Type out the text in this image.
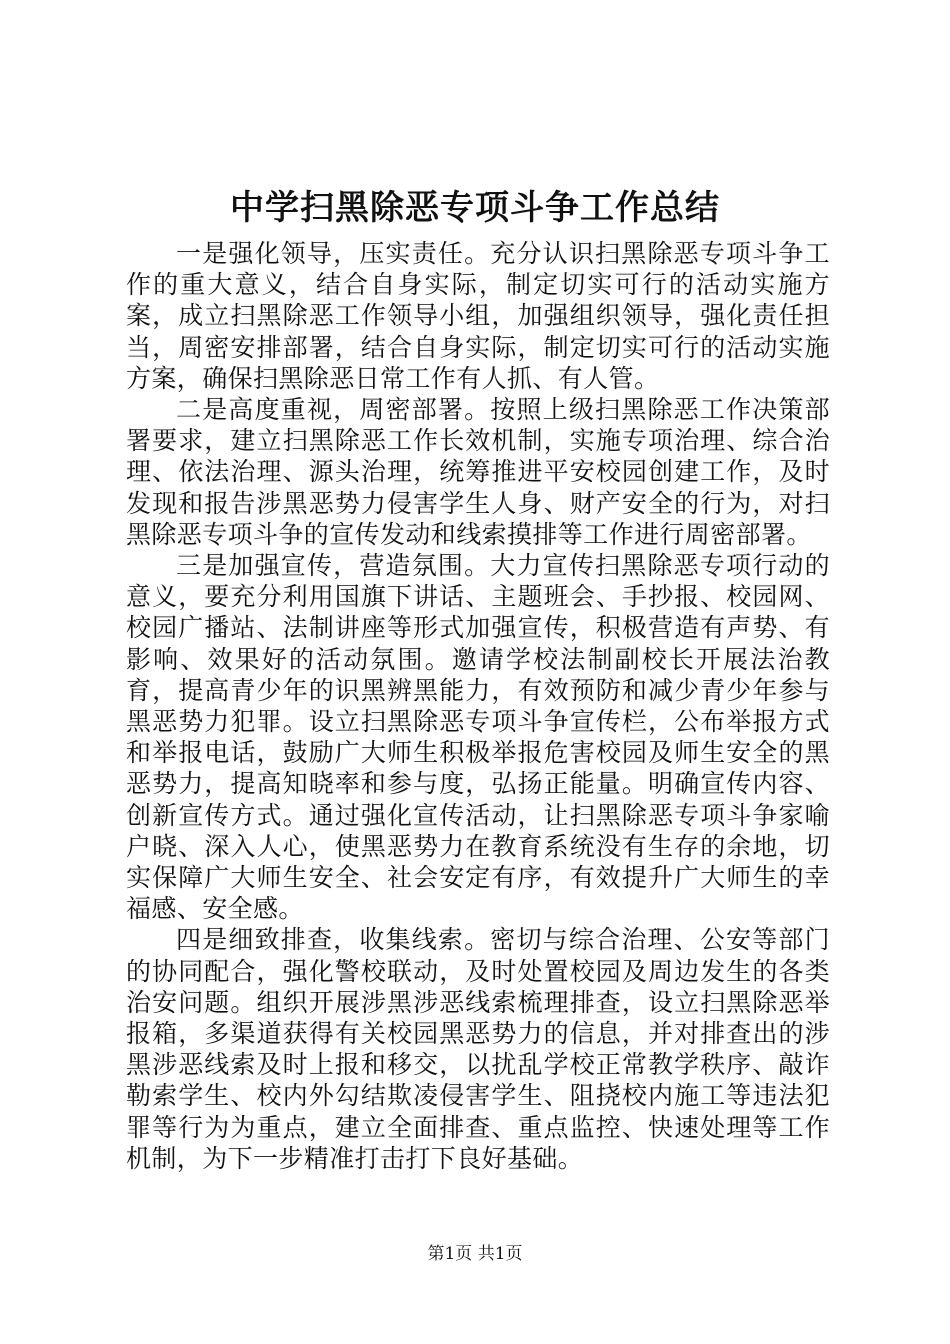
中学扫黑除恶专项斗争工作总结

一是强化领导，压实责任。充分认识扫黑除恶专项斗争工作的重大意义，结合自身实际，制定切实可行的活动实施方案，成立扫黑除恶工作领导小组，加强组织领导，强化责任担当，周密安排部署，结合自身实际，制定切实可行的活动实施方案，确保扫黑除恶日常工作有人抓、有人管。

二是高度重视，周密部署。按照上级扫黑除恶工作决策部署要求，建立扫黑除恶工作长效机制，实施专项治理、综合治理、依法治理、源头治理，统筹推进平安校园创建工作，及时发现和报告涉黑恶势力侵害学生人身、财产安全的行为，对扫黑除恶专项斗争的宣传发动和线索摸排等工作进行周密部署。

三是加强宣传，营造氛围。大力宣传扫黑除恶专项行动的意义，要充分利用国旗下讲话、主题班会、手抄报、校园网、校园广播站、法制讲座等形式加强宣传，积极营造有声势、有影响、效果好的活动氛围。邀请学校法制副校长开展法治教育，提高青少年的识黑辨黑能力，有效预防和减少青少年参与黑恶势力犯罪。设立扫黑除恶专项斗争宣传栏，公布举报方式和举报电话，鼓励广大师生积极举报危害校园及师生安全的黑恶势力，提高知晓率和参与度，弘扬正能量。明确宣传内容、创新宣传方式。通过强化宣传活动，让扫黑除恶专项斗争家喻户晓、深入人心，使黑恶势力在教育系统没有生存的余地，切实保障广大师生安全、社会安定有序，有效提升广大师生的幸福感、安全感。

四是细致排查，收集线索。密切与综合治理、公安等部门的协同配合，强化警校联动，及时处置校园及周边发生的各类治安问题。组织开展涉黑涉恶线索梳理排查，设立扫黑除恶举报箱，多渠道获得有关校园黑恶势力的信息，并对排查出的涉黑涉恶线索及时上报和移交，以扰乱学校正常教学秩序、敲诈勒索学生、校内外勾结欺凌侵害学生、阻挠校内施工等违法犯罪等行为为重点，建立全面排查、重点监控、快速处理等工作机制，为下一步精准打击打下良好基础。

第1页 共1页
